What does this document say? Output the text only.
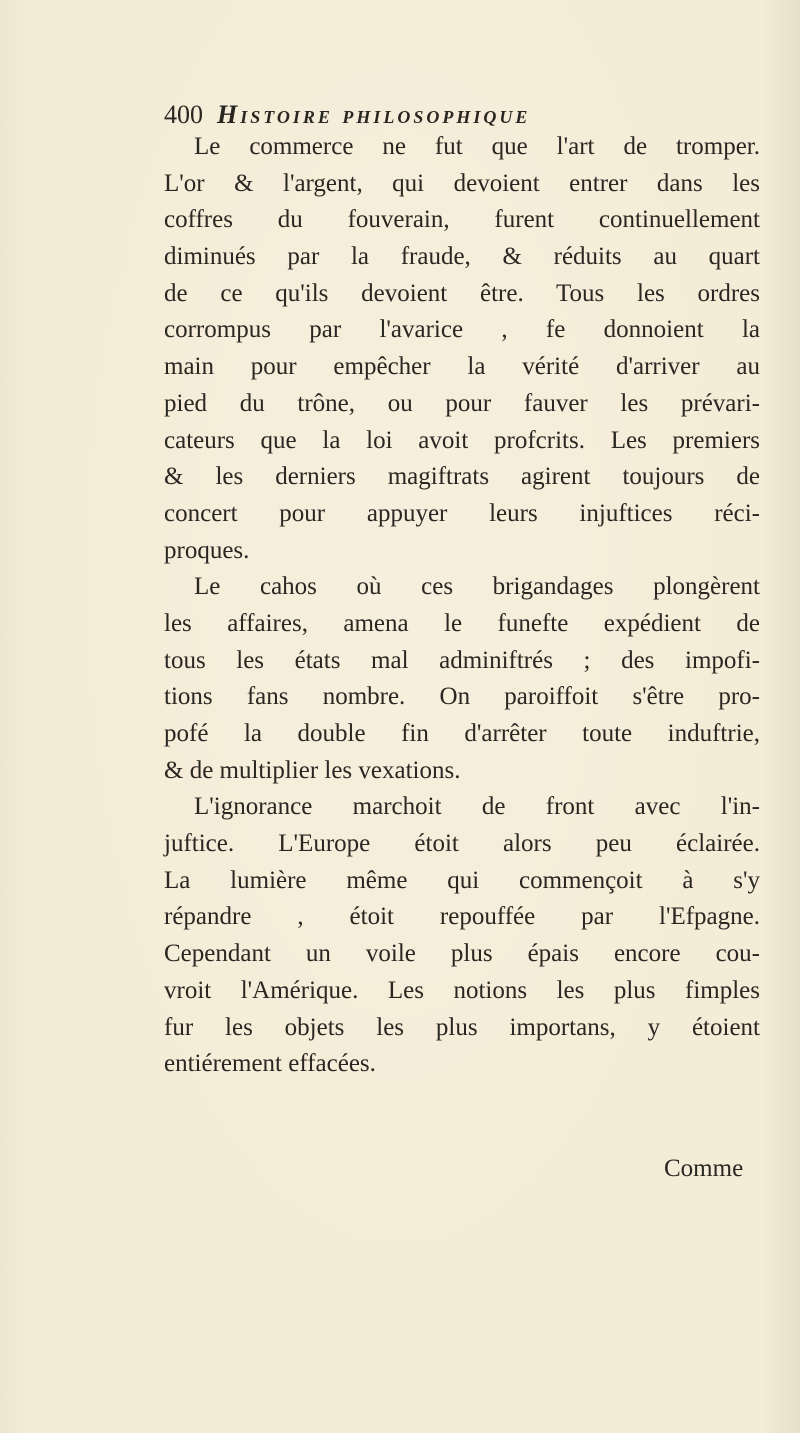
400 Histoire philosophique
Le commerce ne fut que l'art de tromper.
L'or & l'argent, qui devoient entrer dans les
coffres du fouverain, furent continuellement
diminués par la fraude, & réduits au quart
de ce qu'ils devoient être. Tous les ordres
corrompus par l'avarice , fe donnoient la
main pour empêcher la vérité d'arriver au
pied du trône, ou pour fauver les prévari-
cateurs que la loi avoit profcrits. Les premiers
& les derniers magiftrats agirent toujours de
concert pour appuyer leurs injuftices réci-
proques.
Le cahos où ces brigandages plongèrent
les affaires, amena le funefte expédient de
tous les états mal adminiftrés ; des impofi-
tions fans nombre. On paroiffoit s'être pro-
pofé la double fin d'arrêter toute induftrie,
& de multiplier les vexations.
L'ignorance marchoit de front avec l'in-
juftice. L'Europe étoit alors peu éclairée.
La lumière même qui commençoit à s'y
répandre , étoit repouffée par l'Efpagne.
Cependant un voile plus épais encore cou-
vroit l'Amérique. Les notions les plus fimples
fur les objets les plus importans, y étoient
entiérement effacées.
Comme
